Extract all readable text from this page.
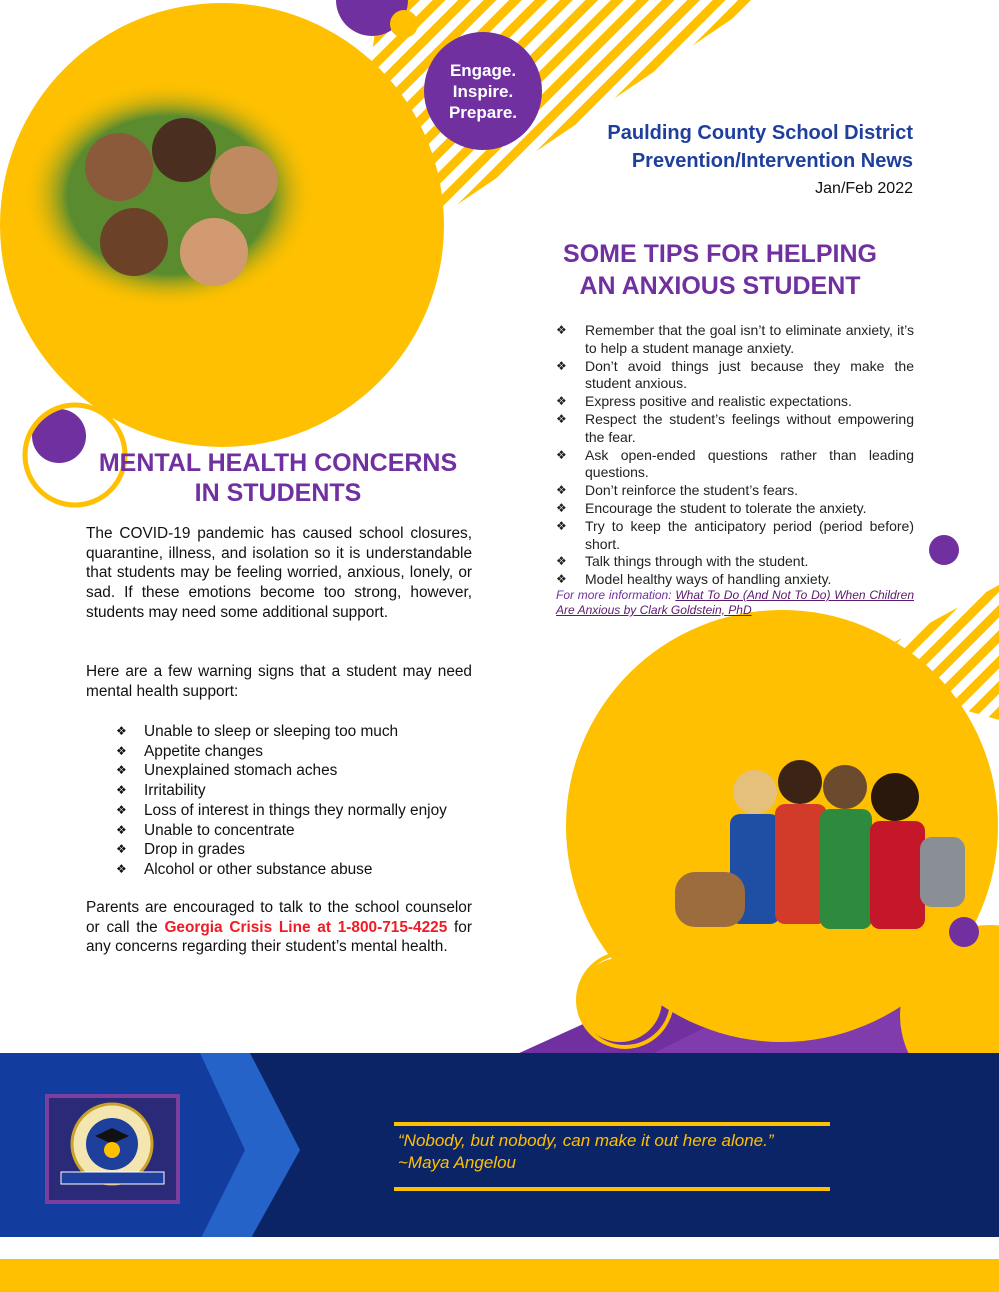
Engage.
Inspire.
Prepare.
Paulding County School District
Prevention/Intervention News
Jan/Feb 2022
SOME TIPS FOR HELPING
AN ANXIOUS STUDENT
❖ Remember that the goal isn’t to eliminate anxiety, it’s to help a student manage anxiety.
❖ Don’t avoid things just because they make the student anxious.
❖ Express positive and realistic expectations.
❖ Respect the student’s feelings without empowering the fear.
❖ Ask open-ended questions rather than leading questions.
❖ Don’t reinforce the student’s fears.
❖ Encourage the student to tolerate the anxiety.
❖ Try to keep the anticipatory period (period before) short.
❖ Talk things through with the student.
❖ Model healthy ways of handling anxiety.
For more information: What To Do (And Not To Do) When Children Are Anxious by Clark Goldstein, PhD
MENTAL HEALTH CONCERNS
IN STUDENTS
The COVID-19 pandemic has caused school closures, quarantine, illness, and isolation so it is understandable that students may be feeling worried, anxious, lonely, or sad. If these emotions become too strong, however, students may need some additional support.
Here are a few warning signs that a student may need mental health support:
❖ Unable to sleep or sleeping too much
❖ Appetite changes
❖ Unexplained stomach aches
❖ Irritability
❖ Loss of interest in things they normally enjoy
❖ Unable to concentrate
❖ Drop in grades
❖ Alcohol or other substance abuse
Parents are encouraged to talk to the school counselor or call the Georgia Crisis Line at 1-800-715-4225 for any concerns regarding their student’s mental health.
“Nobody, but nobody, can make it out here alone.”
~Maya Angelou
